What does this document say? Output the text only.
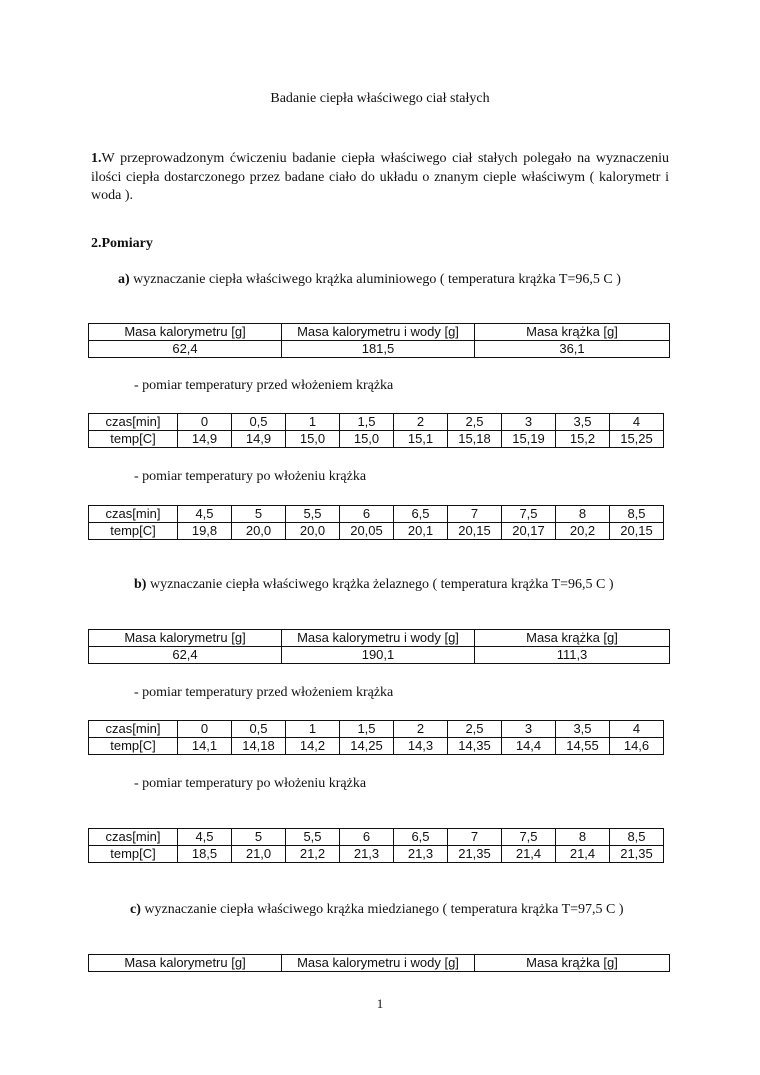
Badanie ciepła właściwego ciał stałych
1.W przeprowadzonym ćwiczeniu badanie ciepła właściwego ciał stałych polegało na wyznaczeniu ilości ciepła dostarczonego przez badane ciało do układu o znanym cieple właściwym ( kalorymetr i woda ).
2.Pomiary
a) wyznaczanie ciepła właściwego krążka aluminiowego ( temperatura krążka T=96,5 C )
Masa kalorymetru [g]	Masa kalorymetru i wody [g]	Masa krążka [g]
62,4	181,5	36,1
- pomiar temperatury przed włożeniem krążka
czas[min]	0	0,5	1	1,5	2	2,5	3	3,5	4
temp[C]	14,9	14,9	15,0	15,0	15,1	15,18	15,19	15,2	15,25
- pomiar temperatury po włożeniu krążka
czas[min]	4,5	5	5,5	6	6,5	7	7,5	8	8,5
temp[C]	19,8	20,0	20,0	20,05	20,1	20,15	20,17	20,2	20,15
b) wyznaczanie ciepła właściwego krążka żelaznego ( temperatura krążka T=96,5 C )
Masa kalorymetru [g]	Masa kalorymetru i wody [g]	Masa krążka [g]
62,4	190,1	111,3
- pomiar temperatury przed włożeniem krążka
czas[min]	0	0,5	1	1,5	2	2,5	3	3,5	4
temp[C]	14,1	14,18	14,2	14,25	14,3	14,35	14,4	14,55	14,6
- pomiar temperatury po włożeniu krążka
czas[min]	4,5	5	5,5	6	6,5	7	7,5	8	8,5
temp[C]	18,5	21,0	21,2	21,3	21,3	21,35	21,4	21,4	21,35
c) wyznaczanie ciepła właściwego krążka miedzianego ( temperatura krążka T=97,5 C )
Masa kalorymetru [g]	Masa kalorymetru i wody [g]	Masa krążka [g]
1
